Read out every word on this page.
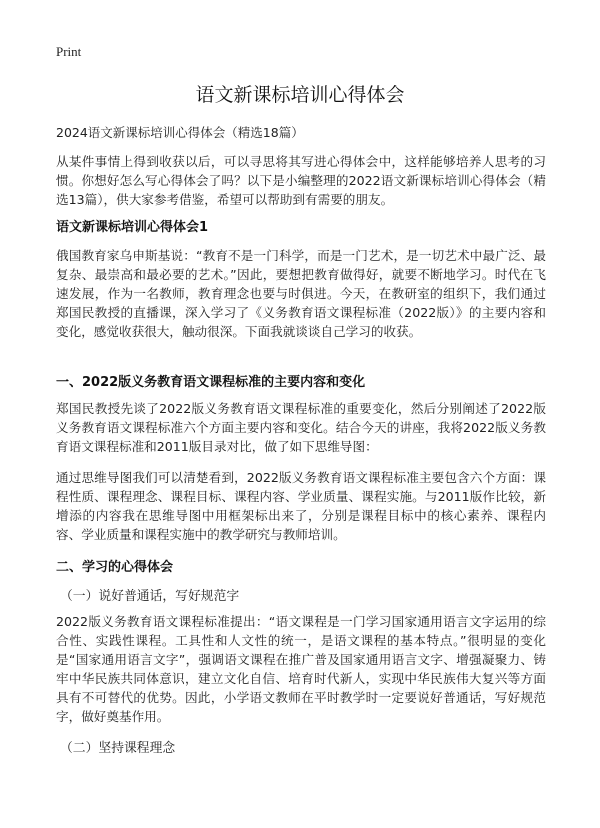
Print
语文新课标培训心得体会
2024语文新课标培训心得体会（精选18篇）

从某件事情上得到收获以后，可以寻思将其写进心得体会中，这样能够培养人思考的习惯。你想好怎么写心得体会了吗？以下是小编整理的2022语文新课标培训心得体会（精选13篇），供大家参考借鉴，希望可以帮助到有需要的朋友。

语文新课标培训心得体会1

俄国教育家乌申斯基说：“教育不是一门科学，而是一门艺术，是一切艺术中最广泛、最复杂、最崇高和最必要的艺术。”因此，要想把教育做得好，就要不断地学习。时代在飞速发展，作为一名教师，教育理念也要与时俱进。今天，在教研室的组织下，我们通过郑国民教授的直播课，深入学习了《义务教育语文课程标准（2022版）》的主要内容和变化，感觉收获很大，触动很深。下面我就谈谈自己学习的收获。

一、2022版义务教育语文课程标准的主要内容和变化

郑国民教授先谈了2022版义务教育语文课程标准的重要变化，然后分别阐述了2022版义务教育语文课程标准六个方面主要内容和变化。结合今天的讲座，我将2022版义务教育语文课程标准和2011版目录对比，做了如下思维导图：

通过思维导图我们可以清楚看到，2022版义务教育语文课程标准主要包含六个方面：课程性质、课程理念、课程目标、课程内容、学业质量、课程实施。与2011版作比较，新增添的内容我在思维导图中用框架标出来了，分别是课程目标中的核心素养、课程内容、学业质量和课程实施中的教学研究与教师培训。

二、学习的心得体会
（一）说好普通话，写好规范字

2022版义务教育语文课程标准提出：“语文课程是一门学习国家通用语言文字运用的综合性、实践性课程。工具性和人文性的统一，是语文课程的基本特点。”很明显的变化是“国家通用语言文字”，强调语文课程在推广普及国家通用语言文字、增强凝聚力、铸牢中华民族共同体意识，建立文化自信、培育时代新人，实现中华民族伟大复兴等方面具有不可替代的优势。因此，小学语文教师在平时教学时一定要说好普通话，写好规范字，做好奠基作用。

（二）坚持课程理念
